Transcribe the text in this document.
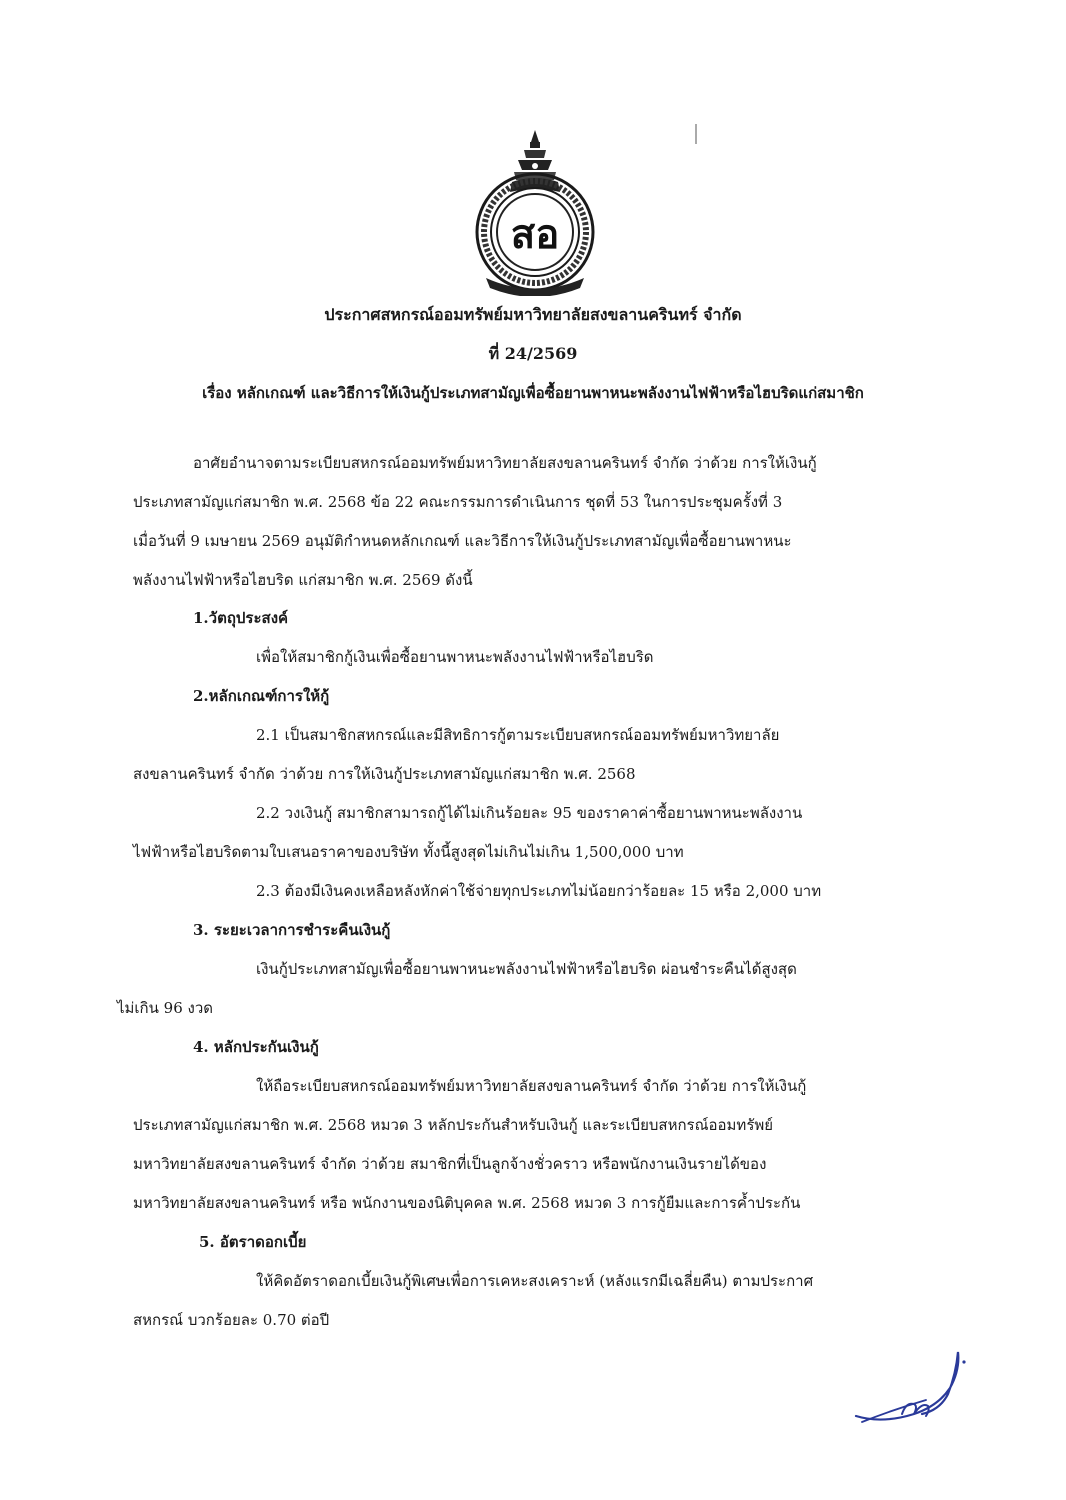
สอ
ประกาศสหกรณ์ออมทรัพย์มหาวิทยาลัยสงขลานครินทร์ จำกัด
ที่ 24/2569
เรื่อง หลักเกณฑ์ และวิธีการให้เงินกู้ประเภทสามัญเพื่อซื้อยานพาหนะพลังงานไฟฟ้าหรือไฮบริดแก่สมาชิก
อาศัยอำนาจตามระเบียบสหกรณ์ออมทรัพย์มหาวิทยาลัยสงขลานครินทร์ จำกัด ว่าด้วย การให้เงินกู้
ประเภทสามัญแก่สมาชิก พ.ศ. 2568 ข้อ 22 คณะกรรมการดำเนินการ ชุดที่ 53 ในการประชุมครั้งที่ 3
เมื่อวันที่ 9 เมษายน 2569 อนุมัติกำหนดหลักเกณฑ์ และวิธีการให้เงินกู้ประเภทสามัญเพื่อซื้อยานพาหนะ
พลังงานไฟฟ้าหรือไฮบริด แก่สมาชิก พ.ศ. 2569 ดังนี้
1.วัตถุประสงค์
เพื่อให้สมาชิกกู้เงินเพื่อซื้อยานพาหนะพลังงานไฟฟ้าหรือไฮบริด
2.หลักเกณฑ์การให้กู้
2.1 เป็นสมาชิกสหกรณ์และมีสิทธิการกู้ตามระเบียบสหกรณ์ออมทรัพย์มหาวิทยาลัย
สงขลานครินทร์ จำกัด ว่าด้วย การให้เงินกู้ประเภทสามัญแก่สมาชิก พ.ศ. 2568
2.2 วงเงินกู้ สมาชิกสามารถกู้ได้ไม่เกินร้อยละ 95 ของราคาค่าซื้อยานพาหนะพลังงาน
ไฟฟ้าหรือไฮบริดตามใบเสนอราคาของบริษัท ทั้งนี้สูงสุดไม่เกินไม่เกิน 1,500,000 บาท
2.3 ต้องมีเงินคงเหลือหลังหักค่าใช้จ่ายทุกประเภทไม่น้อยกว่าร้อยละ 15 หรือ 2,000 บาท
3. ระยะเวลาการชำระคืนเงินกู้
เงินกู้ประเภทสามัญเพื่อซื้อยานพาหนะพลังงานไฟฟ้าหรือไฮบริด ผ่อนชำระคืนได้สูงสุด
ไม่เกิน 96 งวด
4. หลักประกันเงินกู้
ให้ถือระเบียบสหกรณ์ออมทรัพย์มหาวิทยาลัยสงขลานครินทร์ จำกัด ว่าด้วย การให้เงินกู้
ประเภทสามัญแก่สมาชิก พ.ศ. 2568 หมวด 3 หลักประกันสำหรับเงินกู้ และระเบียบสหกรณ์ออมทรัพย์
มหาวิทยาลัยสงขลานครินทร์ จำกัด ว่าด้วย สมาชิกที่เป็นลูกจ้างชั่วคราว หรือพนักงานเงินรายได้ของ
มหาวิทยาลัยสงขลานครินทร์ หรือ พนักงานของนิติบุคคล พ.ศ. 2568 หมวด 3 การกู้ยืมและการค้ำประกัน
5. อัตราดอกเบี้ย
ให้คิดอัตราดอกเบี้ยเงินกู้พิเศษเพื่อการเคหะสงเคราะห์ (หลังแรกมีเฉลี่ยคืน) ตามประกาศ
สหกรณ์ บวกร้อยละ 0.70 ต่อปี
